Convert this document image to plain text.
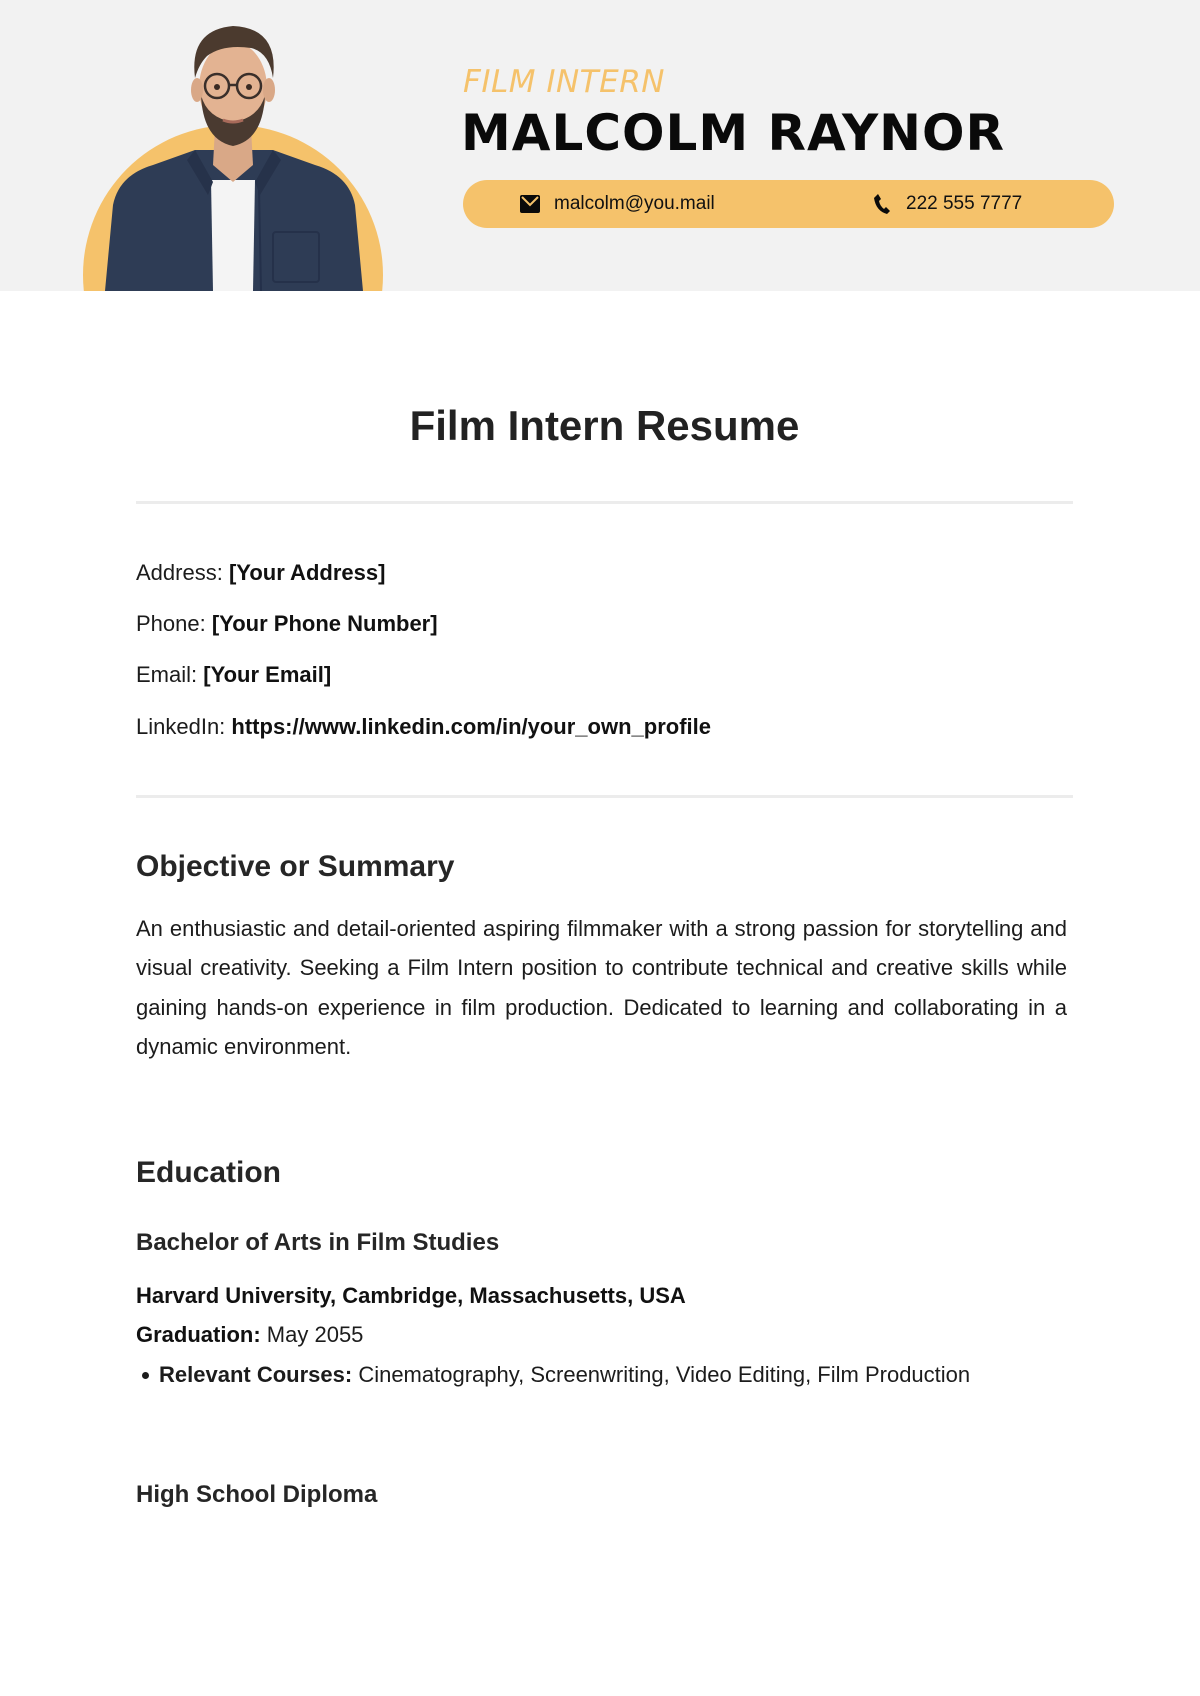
FILM INTERN
MALCOLM RAYNOR
malcolm@you.mail	222 555 7777
Film Intern Resume
Address: [Your Address]
Phone: [Your Phone Number]
Email: [Your Email]
LinkedIn: https://www.linkedin.com/in/your_own_profile
Objective or Summary

An enthusiastic and detail-oriented aspiring filmmaker with a strong passion for storytelling and visual creativity. Seeking a Film Intern position to contribute technical and creative skills while gaining hands-on experience in film production. Dedicated to learning and collaborating in a dynamic environment.

Education
Bachelor of Arts in Film Studies
Harvard University, Cambridge, Massachusetts, USA
Graduation: May 2055
Relevant Courses:
Cinematography, Screenwriting, Video Editing, Film Production
High School Diploma
